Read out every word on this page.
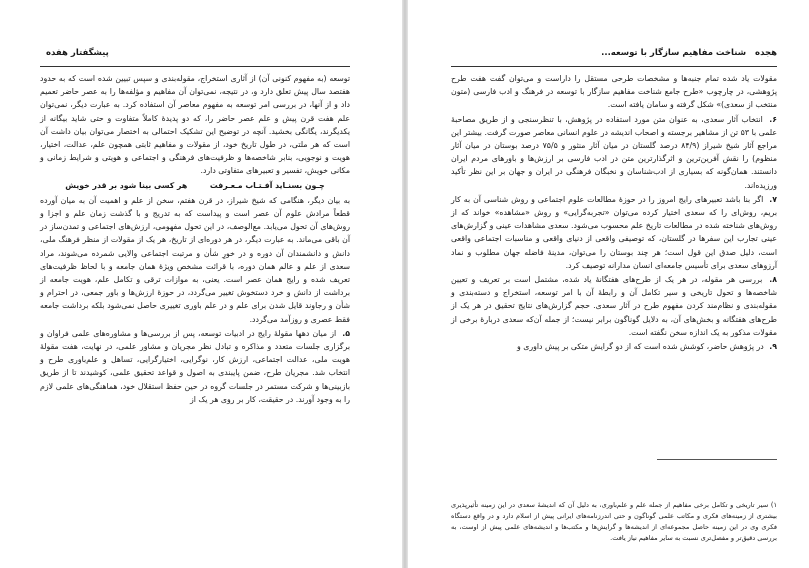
پیشگفتار هفده

توسعه (به مفهوم کنونی آن) از آثاری استخراج، مقوله‌بندی و سپس تبیین شده است که به حدود هفتصد سال پیش تعلق دارد و، در نتیجه، نمی‌توان آن مفاهیم و مؤلفه‌ها را به عصر حاضر تعمیم داد و از آنها، در بررسی امر توسعه به مفهوم معاصر آن استفاده کرد. به عبارت دیگر، نمی‌توان علم هفت قرن پیش و علم عصر حاضر را، که دو پدیدهٔ کاملاً متفاوت و حتی شاید بیگانه از یکدیگرند، یگانگی بخشید. آنچه در توضیح این تشکیک احتمالی به اختصار می‌توان بیان داشت آن است که هر ملتی، در طول تاریخ خود، از مقولات و مفاهیم ثابتی همچون علم، عدالت، اختیار، هویت و نوجویی، بنابر شاخصه‌ها و ظرفیت‌های فرهنگی و اجتماعی و هویتی و شرایط زمانی و مکانی خویش، تفسیر و تعبیرهای متفاوتی دارد.

چـون بسنـاید آفـتـاب مـعـرفت
هر کسی بینا شود بر قدر خویش

به بیان دیگر، هنگامی که شیخ شیراز، در قرن هفتم، سخن از علم و اهمیت آن به میان آورده قطعاً مرادش علوم آن عصر است و پیداست که به تدریج و با گذشت زمان علم و اجزا و روش‌های آن تحول می‌یابد. مع‌الوصف، در این تحول مفهومی، ارزش‌های اجتماعی و تمدن‌ساز در آن باقی می‌ماند. به عبارت دیگر، در هر دوره‌ای از تاریخ، هر یک از مقولات از منظر فرهنگ ملی، دانش و دانشمندان آن دوره و در خورِ شأن و مرتبت اجتماعی والایی شمرده می‌شوند، مراد سعدی از علم و عالم همان دوره، با قرائت مشخص ویژهٔ همان جامعه و با لحاظ ظرفیت‌های تعریف شده و رایج همان عصر است. یعنی، به موازات ترقی و تکامل علم، هویت جامعه از برداشت از دانش و خرد دستخوش تغییر می‌گردد، در حوزهٔ ارزش‌ها و باور جمعی، در احترام و شأن و رجاوند قایل شدن برای علم و در علم باوری تغییری حاصل نمی‌شود بلکه برداشت جامعه فقط عصری و روزآمد می‌گردد.

۵. از میان دهها مقولهٔ رایج در ادبیات توسعه، پس از بررسی‌ها و مشاوره‌های علمی فراوان و برگزاری جلسات متعدد و مذاکره و تبادل نظر مجریان و مشاور علمی، در نهایت، هفت مقولهٔ هویت ملی، عدالت اجتماعی، ارزش کار، نوگرایی، اختیارگرایی، تساهل و علم‌باوری طرح و انتخاب شد. مجریان طرح، ضمن پایبندی به اصول و قواعد تحقیق علمی، کوشیدند تا از طریق بازبینی‌ها و شرکت مستمر در جلسات گروه در حین حفظ استقلال خود، هماهنگی‌های علمی لازم را به وجود آورند. در حقیقت، کار بر روی هر یک از

هجده شناخت مفاهیم سازگار با توسعه...

مقولات یاد شده تمام جنبه‌ها و مشخصات طرحی مستقل را داراست و می‌توان گفت هفت طرح پژوهشی، در چارچوب «طرح جامع شناخت مفاهیم سازگار با توسعه در فرهنگ و ادب فارسی (متون منتخب از سعدی)» شکل گرفته و سامان یافته است.

۶. انتخاب آثار سعدی، به عنوان متن مورد استفاده در پژوهش، با تنظرسنجی و از طریق مصاحبهٔ علمی با ۵۳ تن از مشاهیر برجسته و اصحاب اندیشه در علوم انسانی معاصر صورت گرفت. بیشتر این مراجع آثار شیخ شیراز (۸۴/۹ درصد گلستان در میان آثار منثور و ۷۵/۵ درصد بوستان در میان آثار منظوم) را نقش آفرین‌ترین و اثرگذارترین متن در ادب فارسی بر ارزش‌ها و باورهای مردم ایران دانستند. همان‌گونه که بسیاری از ادب‌شناسان و نخبگان فرهنگی در ایران و جهان بر این نظر تأکید ورزیده‌اند.

۷. اگر بنا باشد تعبیرهای رایج امروز را در حوزهٔ مطالعات علوم اجتماعی و روش شناسی آن به کار بریم، روش‌ای را که سعدی اختیار کرده می‌توان «تجربه‌گرایی» و روش «مشاهده» خواند که از روش‌های شناخته شده در مطالعات تاریخ علم محسوب می‌شود. سعدی مشاهدات عینی و گزارش‌های عینی تجارب این سفرها در گلستان، که توصیفی واقعی از دنیای واقعی و مناسبات اجتماعی واقعی است، دلیل صدق این قول است؛ هر چند بوستان را می‌توان، مدینهٔ فاضله جهان مطلوب و نماد آرزوهای سعدی برای تأسیس جامعه‌ای انسان مدارانه توصیف کرد.

۸. بررسی هر مقوله، در هر یک از طرح‌های هفتگانهٔ یاد شده، مشتمل است بر تعریف و تعیین شاخصه‌ها و تحول تاریخی و سیر تکامل آن و رابطهٔ آن با امر توسعه، استخراج و دسته‌بندی و مقوله‌بندی و نظام‌مند کردن مفهوم طرح در آثار سعدی. حجم گزارش‌های نتایج تحقیق در هر یک از طرح‌های هفتگانه و بخش‌های آن، به دلایل گوناگون برابر نیست؛ از جمله آن‌که سعدی دربارهٔ برخی از مقولات مذکور به یک اندازه سخن نگفته است.

۹. در پژوهش حاضر، کوشش شده است که از دو گرایش متکی بر پیش داوری و

۱) سیر تاریخی و تکامل برخی مفاهیم از جمله علم و علم‌باوری، به دلیل آن که اندیشهٔ سعدی در این زمینه تأثیرپذیری بیشتری از زمینه‌های فکری و مکاتب علمی گوناگون و حتی اندرزنامه‌های ایرانی پیش از اسلام دارد و در واقع دستگاه فکری وی در این زمینه حاصل مجموعه‌ای از اندیشه‌ها و گرایش‌ها و مکتب‌ها و اندیشه‌های علمی پیش از اوست، به بررسی دقیق‌تر و مفصل‌تری نسبت به سایر مفاهیم نیاز یافت.
